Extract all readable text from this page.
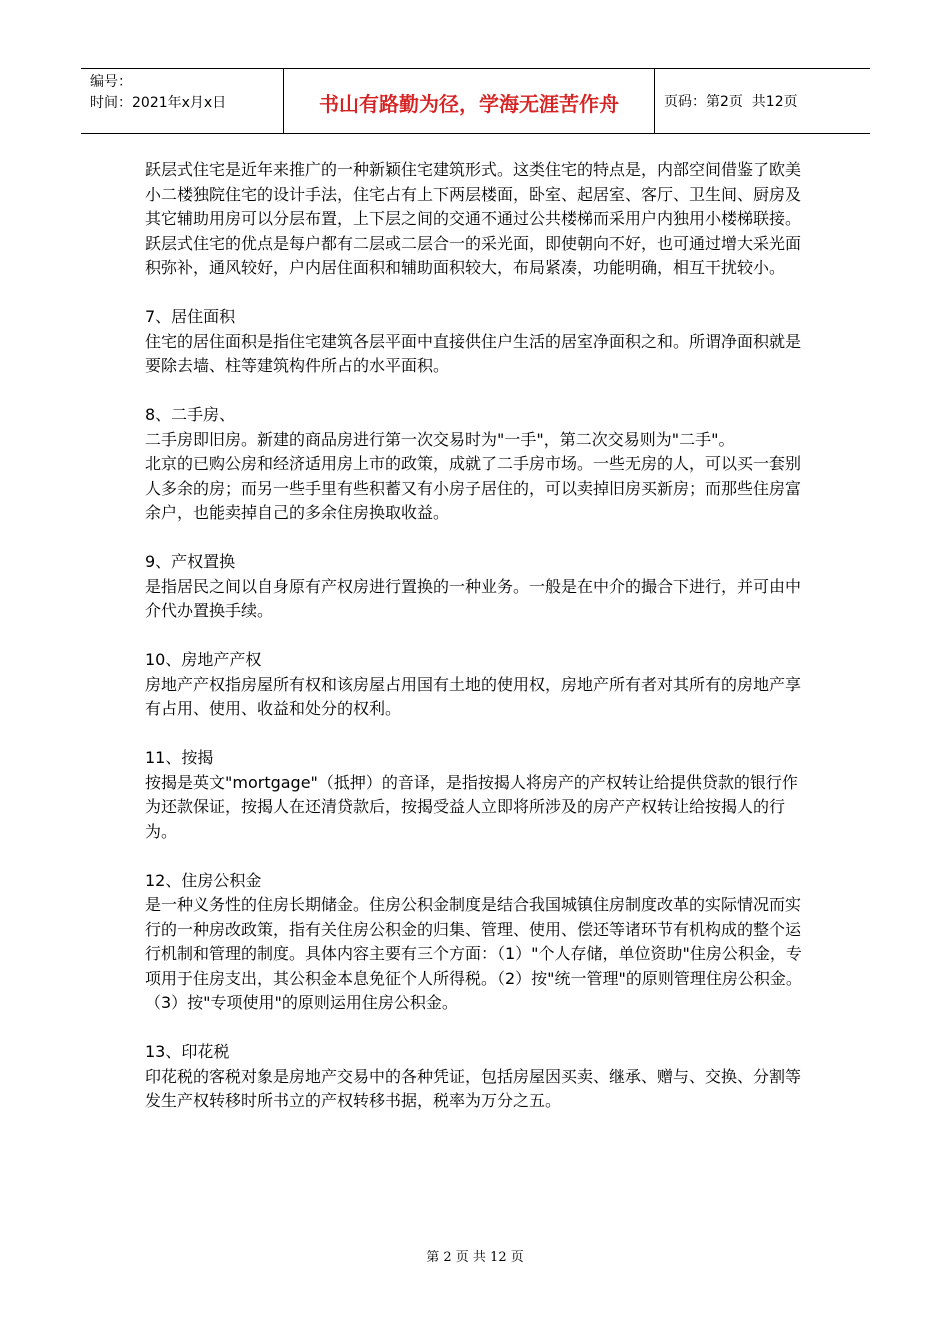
编号：
时间：2021年x月x日	书山有路勤为径，学海无涯苦作舟	页码：第2页  共12页

跃层式住宅是近年来推广的一种新颖住宅建筑形式。这类住宅的特点是，内部空间借鉴了欧美小二楼独院住宅的设计手法，住宅占有上下两层楼面，卧室、起居室、客厅、卫生间、厨房及其它辅助用房可以分层布置，上下层之间的交通不通过公共楼梯而采用户内独用小楼梯联接。跃层式住宅的优点是每户都有二层或二层合一的采光面，即使朝向不好，也可通过增大采光面积弥补，通风较好，户内居住面积和辅助面积较大，布局紧凑，功能明确，相互干扰较小。

7、居住面积

住宅的居住面积是指住宅建筑各层平面中直接供住户生活的居室净面积之和。所谓净面积就是要除去墙、柱等建筑构件所占的水平面积。

8、二手房、

二手房即旧房。新建的商品房进行第一次交易时为"一手"，第二次交易则为"二手"。

北京的已购公房和经济适用房上市的政策，成就了二手房市场。一些无房的人，可以买一套别人多余的房；而另一些手里有些积蓄又有小房子居住的，可以卖掉旧房买新房；而那些住房富余户，也能卖掉自己的多余住房换取收益。

9、产权置换

是指居民之间以自身原有产权房进行置换的一种业务。一般是在中介的撮合下进行，并可由中介代办置换手续。

10、房地产产权

房地产产权指房屋所有权和该房屋占用国有土地的使用权，房地产所有者对其所有的房地产享有占用、使用、收益和处分的权利。

11、按揭

按揭是英文"mortgage"（抵押）的音译，是指按揭人将房产的产权转让给提供贷款的银行作为还款保证，按揭人在还清贷款后，按揭受益人立即将所涉及的房产产权转让给按揭人的行为。

12、住房公积金

是一种义务性的住房长期储金。住房公积金制度是结合我国城镇住房制度改革的实际情况而实行的一种房改政策，指有关住房公积金的归集、管理、使用、偿还等诸环节有机构成的整个运行机制和管理的制度。具体内容主要有三个方面：（1）"个人存储，单位资助"住房公积金，专项用于住房支出，其公积金本息免征个人所得税。（2）按"统一管理"的原则管理住房公积金。（3）按"专项使用"的原则运用住房公积金。

13、印花税

印花税的客税对象是房地产交易中的各种凭证，包括房屋因买卖、继承、赠与、交换、分割等发生产权转移时所书立的产权转移书据，税率为万分之五。

第 2 页 共 12 页
